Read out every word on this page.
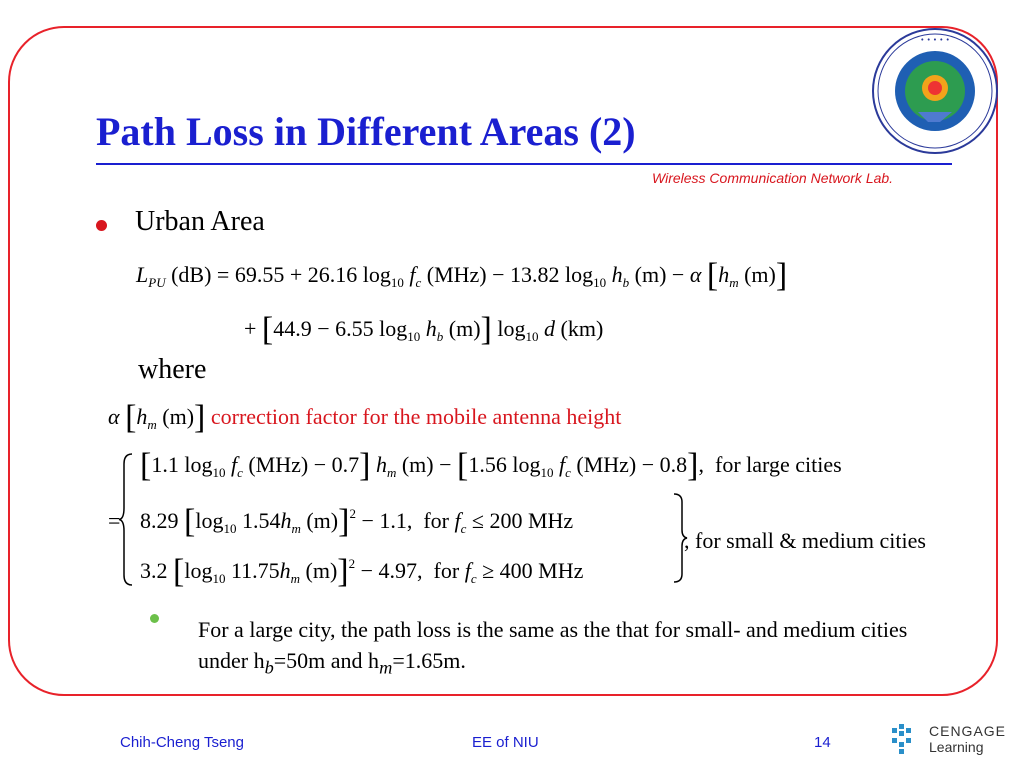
• • • • •
Path Loss in Different Areas (2)
Wireless Communication Network Lab.
Urban Area
$L_{PU}$ (dB) = 69.55 + 26.16 $\log_{10} f_c$ (MHz) − 13.82 $\log_{10} h_b$ (m) − α [$h_m$ (m)]
+ [44.9 − 6.55 $\log_{10} h_b$ (m)] $\log_{10} d$ (km)
where
α [$h_m$ (m)] correction factor for the mobile antenna height
=
[1.1 $\log_{10} f_c$ (MHz) − 0.7] $h_m$ (m) − [1.56 $\log_{10} f_c$ (MHz) − 0.8],  for large cities
8.29 [$\log_{10}$ $1.54h_m$ (m)]$^2$ − 1.1,  for $f_c \le 200$ MHz
3.2 [$\log_{10}$ $11.75h_m$ (m)]$^2$ − 4.97,  for $f_c \ge 400$ MHz
, for small & medium cities
For a large city, the path loss is the same as the that for small- and medium cities under $h_b=50m$ and $h_m=1.65m$.
Chih-Cheng Tseng	EE of NIU	14
CENGAGE
Learning
